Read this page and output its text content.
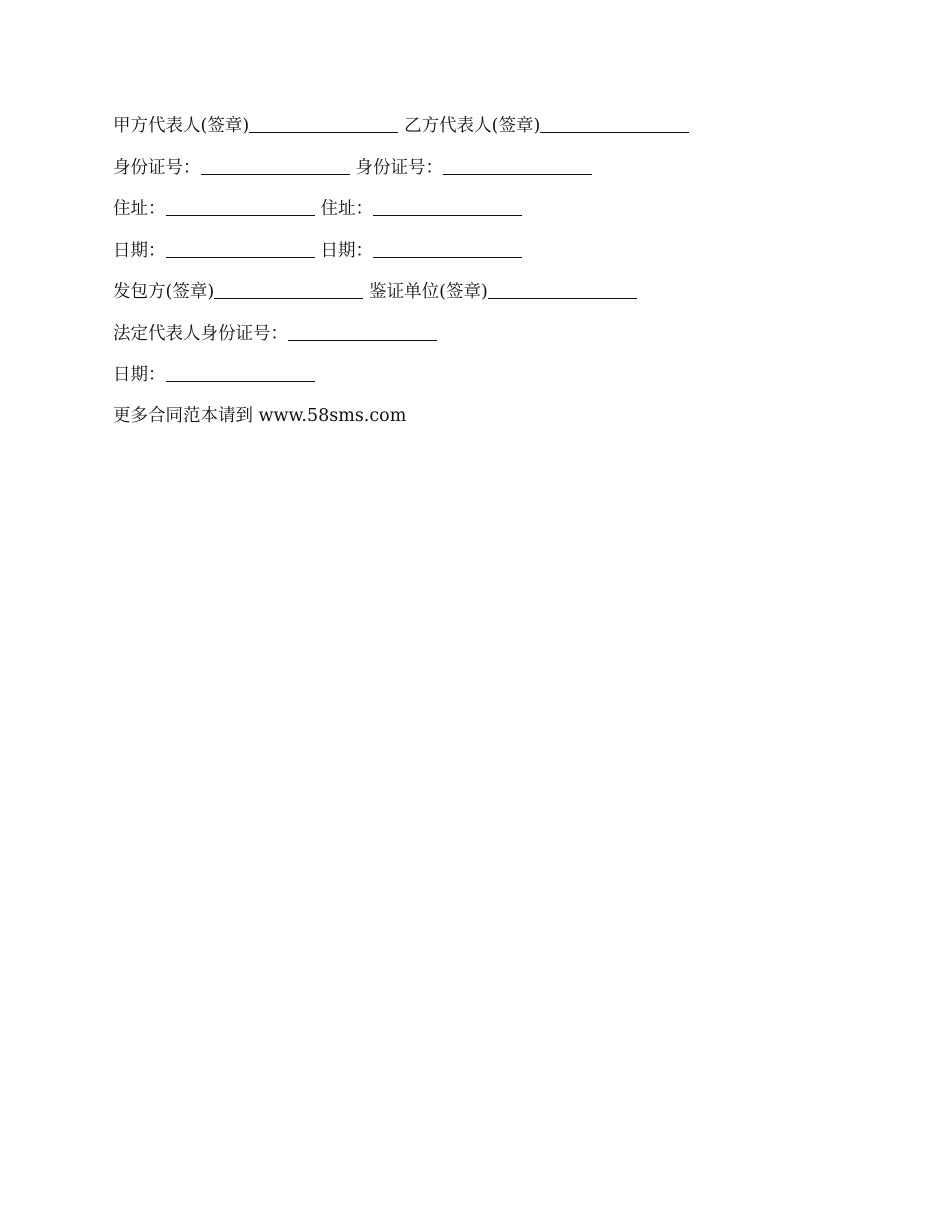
甲方代表人(签章)	乙方代表人(签章)
身份证号：	身份证号：
住址：	住址：
日期：	日期：
发包方(签章)	鉴证单位(签章)
法定代表人身份证号：
日期：
更多合同范本请到 www.58sms.com
